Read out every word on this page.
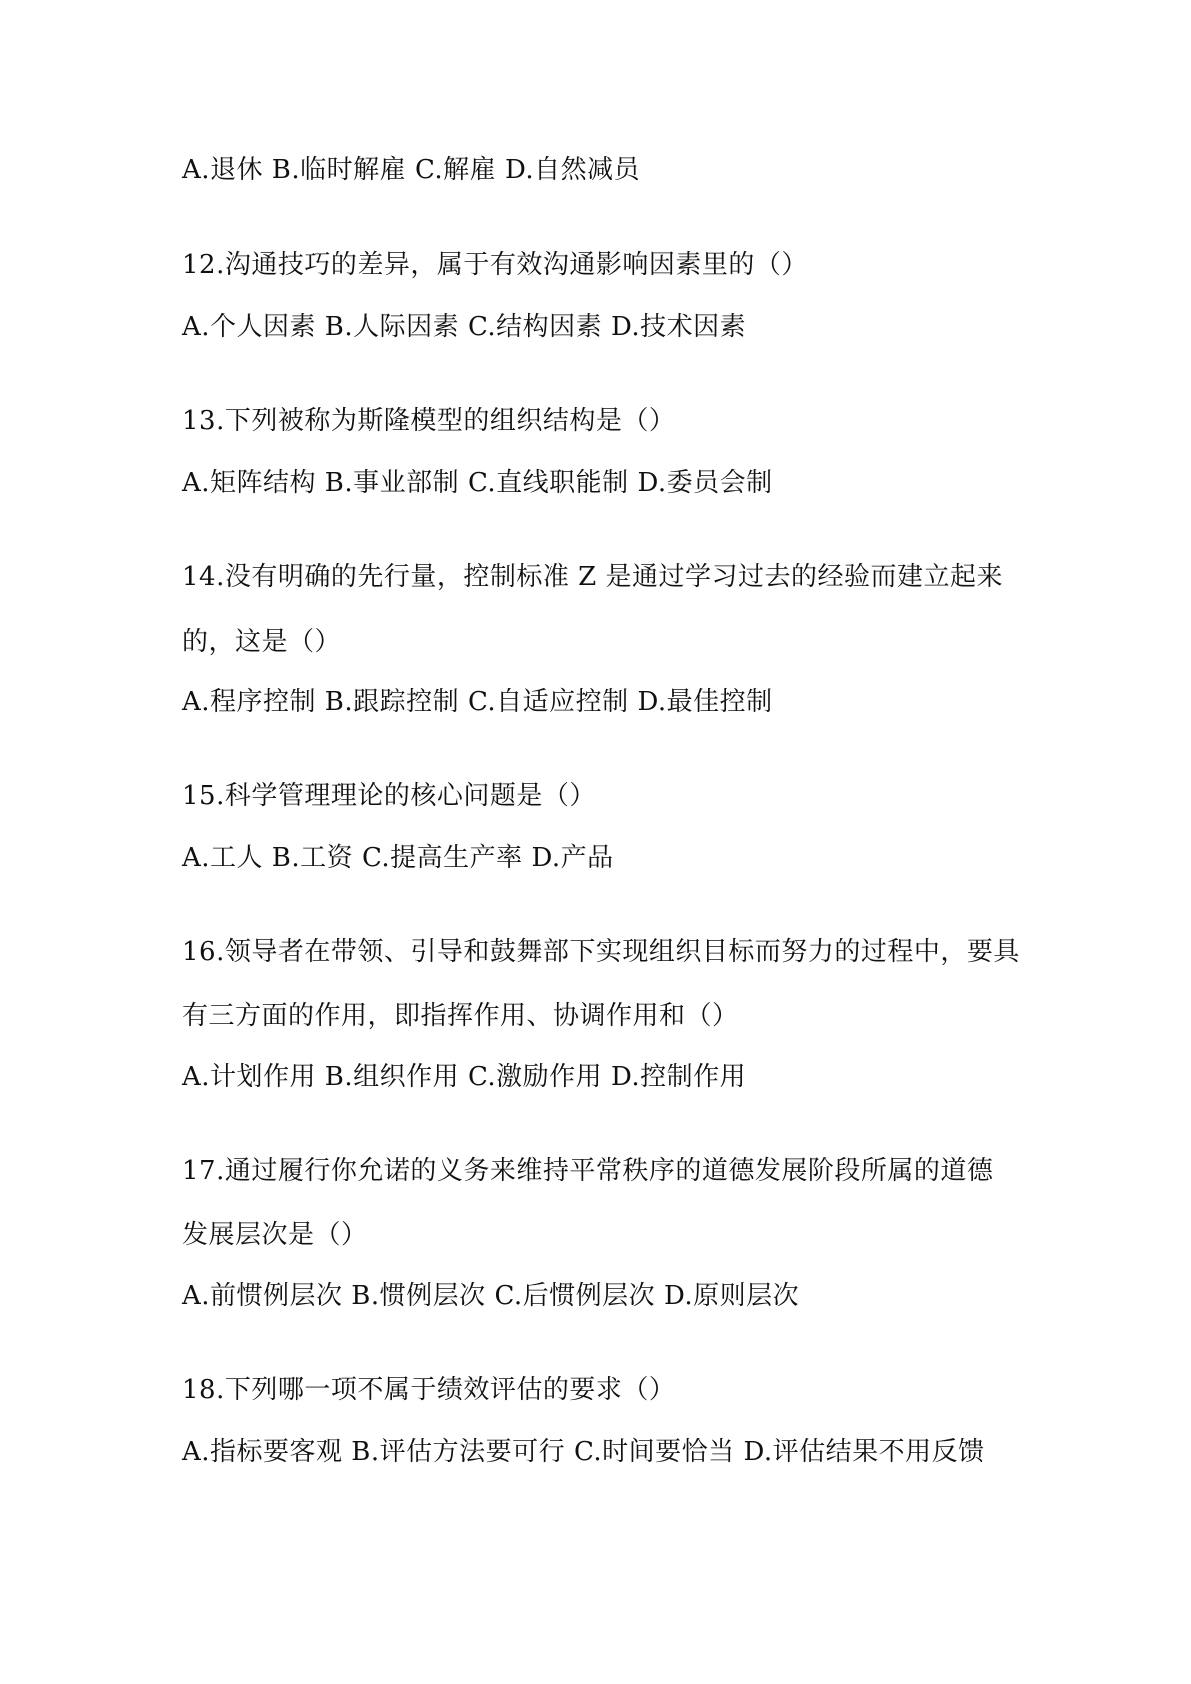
A.退休 B.临时解雇 C.解雇 D.自然减员
12.沟通技巧的差异，属于有效沟通影响因素里的（）
A.个人因素 B.人际因素 C.结构因素 D.技术因素
13.下列被称为斯隆模型的组织结构是（）
A.矩阵结构 B.事业部制 C.直线职能制 D.委员会制
14.没有明确的先行量，控制标准 Z 是通过学习过去的经验而建立起来
的，这是（）
A.程序控制 B.跟踪控制 C.自适应控制 D.最佳控制
15.科学管理理论的核心问题是（）
A.工人 B.工资 C.提高生产率 D.产品
16.领导者在带领、引导和鼓舞部下实现组织目标而努力的过程中，要具
有三方面的作用，即指挥作用、协调作用和（）
A.计划作用 B.组织作用 C.激励作用 D.控制作用
17.通过履行你允诺的义务来维持平常秩序的道德发展阶段所属的道德
发展层次是（）
A.前惯例层次 B.惯例层次 C.后惯例层次 D.原则层次
18.下列哪一项不属于绩效评估的要求（）
A.指标要客观 B.评估方法要可行 C.时间要恰当 D.评估结果不用反馈
